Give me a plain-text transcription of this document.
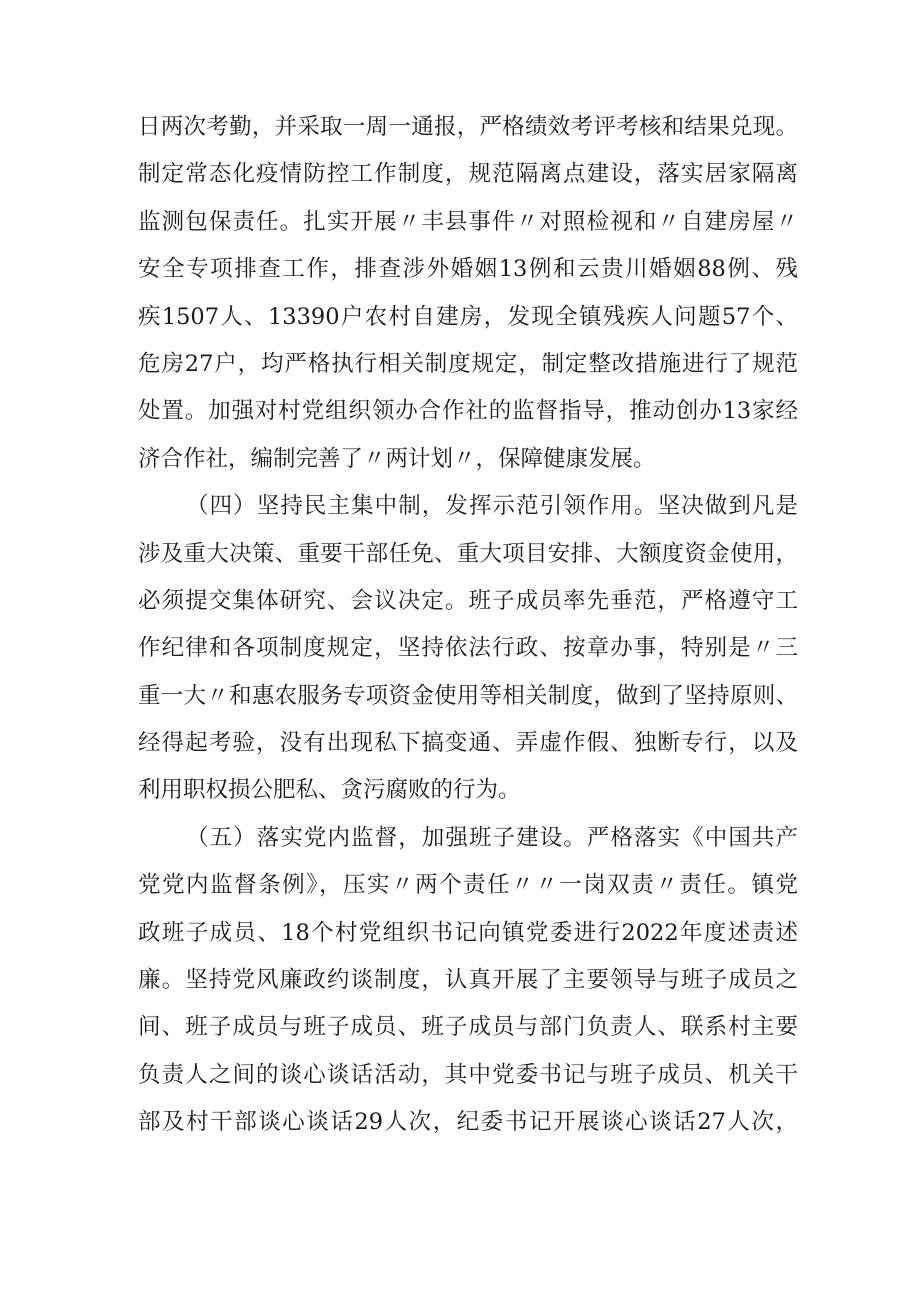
日两次考勤，并采取一周一通报，严格绩效考评考核和结果兑现。
制定常态化疫情防控工作制度，规范隔离点建设，落实居家隔离
监测包保责任。扎实开展〃丰县事件〃对照检视和〃自建房屋〃
安全专项排查工作，排查涉外婚姻13例和云贵川婚姻88例、残
疾1507人、13390户农村自建房，发现全镇残疾人问题57个、
危房27户，均严格执行相关制度规定，制定整改措施进行了规范
处置。加强对村党组织领办合作社的监督指导，推动创办13家经
济合作社，编制完善了〃两计划〃，保障健康发展。
（四）坚持民主集中制，发挥示范引领作用。坚决做到凡是
涉及重大决策、重要干部任免、重大项目安排、大额度资金使用，
必须提交集体研究、会议决定。班子成员率先垂范，严格遵守工
作纪律和各项制度规定，坚持依法行政、按章办事，特别是〃三
重一大〃和惠农服务专项资金使用等相关制度，做到了坚持原则、
经得起考验，没有出现私下搞变通、弄虚作假、独断专行，以及
利用职权损公肥私、贪污腐败的行为。
（五）落实党内监督，加强班子建设。严格落实《中国共产
党党内监督条例》，压实〃两个责任〃〃一岗双责〃责任。镇党
政班子成员、18个村党组织书记向镇党委进行2022年度述责述
廉。坚持党风廉政约谈制度，认真开展了主要领导与班子成员之
间、班子成员与班子成员、班子成员与部门负责人、联系村主要
负责人之间的谈心谈话活动，其中党委书记与班子成员、机关干
部及村干部谈心谈话29人次，纪委书记开展谈心谈话27人次，
